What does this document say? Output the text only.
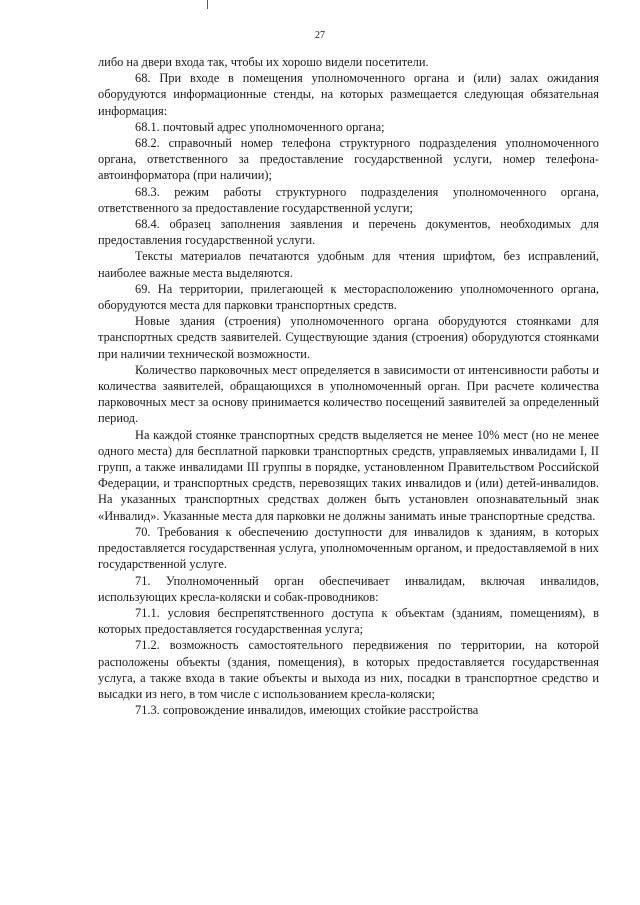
27

либо на двери входа так, чтобы их хорошо видели посетители.

68. При входе в помещения уполномоченного органа и (или) залах ожидания оборудуются информационные стенды, на которых размещается следующая обязательная информация:

68.1. почтовый адрес уполномоченного органа;

68.2. справочный номер телефона структурного подразделения уполномоченного органа, ответственного за предоставление государственной услуги, номер телефона-автоинформатора (при наличии);

68.3. режим работы структурного подразделения уполномоченного органа, ответственного за предоставление государственной услуги;

68.4. образец заполнения заявления и перечень документов, необходимых для предоставления государственной услуги.

Тексты материалов печатаются удобным для чтения шрифтом, без исправлений, наиболее важные места выделяются.

69. На территории, прилегающей к месторасположению уполномоченного органа, оборудуются места для парковки транспортных средств.

Новые здания (строения) уполномоченного органа оборудуются стоянками для транспортных средств заявителей. Существующие здания (строения) оборудуются стоянками при наличии технической возможности.

Количество парковочных мест определяется в зависимости от интенсивности работы и количества заявителей, обращающихся в уполномоченный орган. При расчете количества парковочных мест за основу принимается количество посещений заявителей за определенный период.

На каждой стоянке транспортных средств выделяется не менее 10% мест (но не менее одного места) для бесплатной парковки транспортных средств, управляемых инвалидами I, II групп, а также инвалидами III группы в порядке, установленном Правительством Российской Федерации, и транспортных средств, перевозящих таких инвалидов и (или) детей-инвалидов. На указанных транспортных средствах должен быть установлен опознавательный знак «Инвалид». Указанные места для парковки не должны занимать иные транспортные средства.

70. Требования к обеспечению доступности для инвалидов к зданиям, в которых предоставляется государственная услуга, уполномоченным органом, и предоставляемой в них государственной услуге.

71. Уполномоченный орган обеспечивает инвалидам, включая инвалидов, использующих кресла-коляски и собак-проводников:

71.1. условия беспрепятственного доступа к объектам (зданиям, помещениям), в которых предоставляется государственная услуга;

71.2. возможность самостоятельного передвижения по территории, на которой расположены объекты (здания, помещения), в которых предоставляется государственная услуга, а также входа в такие объекты и выхода из них, посадки в транспортное средство и высадки из него, в том числе с использованием кресла-коляски;

71.3. сопровождение инвалидов, имеющих стойкие расстройства
